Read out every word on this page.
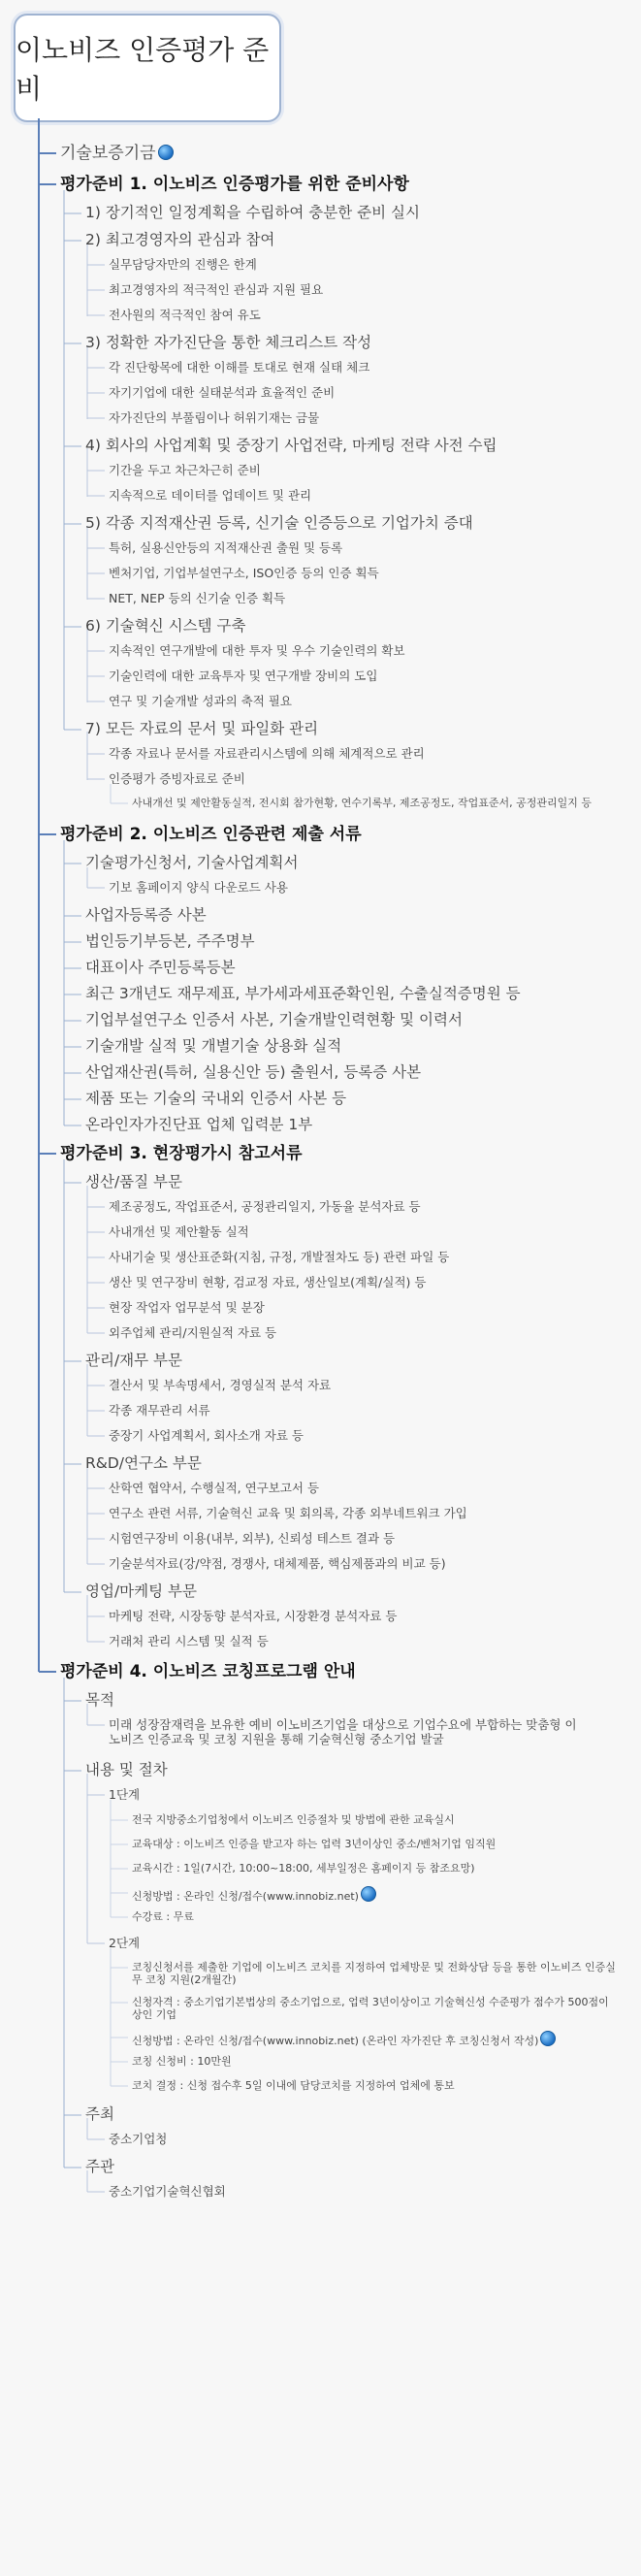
이노비즈 인증평가 준비
기술보증기금
평가준비 1. 이노비즈 인증평가를 위한 준비사항
1) 장기적인 일정계획을 수립하여 충분한 준비 실시
2) 최고경영자의 관심과 참여
실무담당자만의 진행은 한계
최고경영자의 적극적인 관심과 지원 필요
전사원의 적극적인 참여 유도
3) 정확한 자가진단을 통한 체크리스트 작성
각 진단항목에 대한 이해를 토대로 현재 실태 체크
자기기업에 대한 실태분석과 효율적인 준비
자가진단의 부풀림이나 허위기재는 금물
4) 회사의 사업계획 및 중장기 사업전략, 마케팅 전략 사전 수립
기간을 두고 차근차근히 준비
지속적으로 데이터를 업데이트 및 관리
5) 각종 지적재산권 등록, 신기술 인증등으로 기업가치 증대
특허, 실용신안등의 지적재산권 출원 및 등록
벤처기업, 기업부설연구소, ISO인증 등의 인증 획득
NET, NEP 등의 신기술 인증 획득
6) 기술혁신 시스템 구축
지속적인 연구개발에 대한 투자 및 우수 기술인력의 확보
기술인력에 대한 교육투자 및 연구개발 장비의 도입
연구 및 기술개발 성과의 축적 필요
7) 모든 자료의 문서 및 파일화 관리
각종 자료나 문서를 자료관리시스템에 의해 체계적으로 관리
인증평가 증빙자료로 준비
사내개선 및 제안활동실적, 전시회 참가현황, 연수기록부, 제조공정도, 작업표준서, 공정관리일지 등
평가준비 2. 이노비즈 인증관련 제출 서류
기술평가신청서, 기술사업계획서
기보 홈페이지 양식 다운로드 사용
사업자등록증 사본
법인등기부등본, 주주명부
대표이사 주민등록등본
최근 3개년도 재무제표, 부가세과세표준확인원, 수출실적증명원 등
기업부설연구소 인증서 사본, 기술개발인력현황 및 이력서
기술개발 실적 및 개별기술 상용화 실적
산업재산권(특허, 실용신안 등) 출원서, 등록증 사본
제품 또는 기술의 국내외 인증서 사본 등
온라인자가진단표 업체 입력분 1부
평가준비 3. 현장평가시 참고서류
생산/품질 부문
제조공정도, 작업표준서, 공정관리일지, 가동율 분석자료 등
사내개선 및 제안활동 실적
사내기술 및 생산표준화(지침, 규정, 개발절차도 등) 관련 파일 등
생산 및 연구장비 현황, 검교정 자료, 생산일보(계획/실적) 등
현장 작업자 업무분석 및 분장
외주업체 관리/지원실적 자료 등
관리/재무 부문
결산서 및 부속명세서, 경영실적 분석 자료
각종 재무관리 서류
중장기 사업계획서, 회사소개 자료 등
R&D/연구소 부문
산학연 협약서, 수행실적, 연구보고서 등
연구소 관련 서류, 기술혁신 교육 및 회의록, 각종 외부네트워크 가입
시험연구장비 이용(내부, 외부), 신뢰성 테스트 결과 등
기술분석자료(강/약점, 경쟁사, 대체제품, 핵심제품과의 비교 등)
영업/마케팅 부문
마케팅 전략, 시장동향 분석자료, 시장환경 분석자료 등
거래처 관리 시스템 및 실적 등
평가준비 4. 이노비즈 코칭프로그램 안내
목적
미래 성장잠재력을 보유한 예비 이노비즈기업을 대상으로 기업수요에 부합하는 맞춤형 이노비즈 인증교육 및 코칭 지원을 통해 기술혁신형 중소기업 발굴
내용 및 절차
1단계
전국 지방중소기업청에서 이노비즈 인증절차 및 방법에 관한 교육실시
교육대상 : 이노비즈 인증을 받고자 하는 업력 3년이상인 중소/벤처기업 임직원
교육시간 : 1일(7시간, 10:00~18:00, 세부일정은 홈페이지 등 참조요망)
신청방법 : 온라인 신청/접수(www.innobiz.net)
수강료 : 무료
2단계
코칭신청서를 제출한 기업에 이노비즈 코치를 지정하여 업체방문 및 전화상담 등을 통한 이노비즈 인증실무 코칭 지원(2개월간)
신청자격 : 중소기업기본법상의 중소기업으로, 업력 3년이상이고 기술혁신성 수준평가 점수가 500점이상인 기업
신청방법 : 온라인 신청/접수(www.innobiz.net) (온라인 자가진단 후 코칭신청서 작성)
코칭 신청비 : 10만원
코치 결정 : 신청 접수후 5일 이내에 담당코치를 지정하여 업체에 통보
주최
중소기업청
주관
중소기업기술혁신협회
